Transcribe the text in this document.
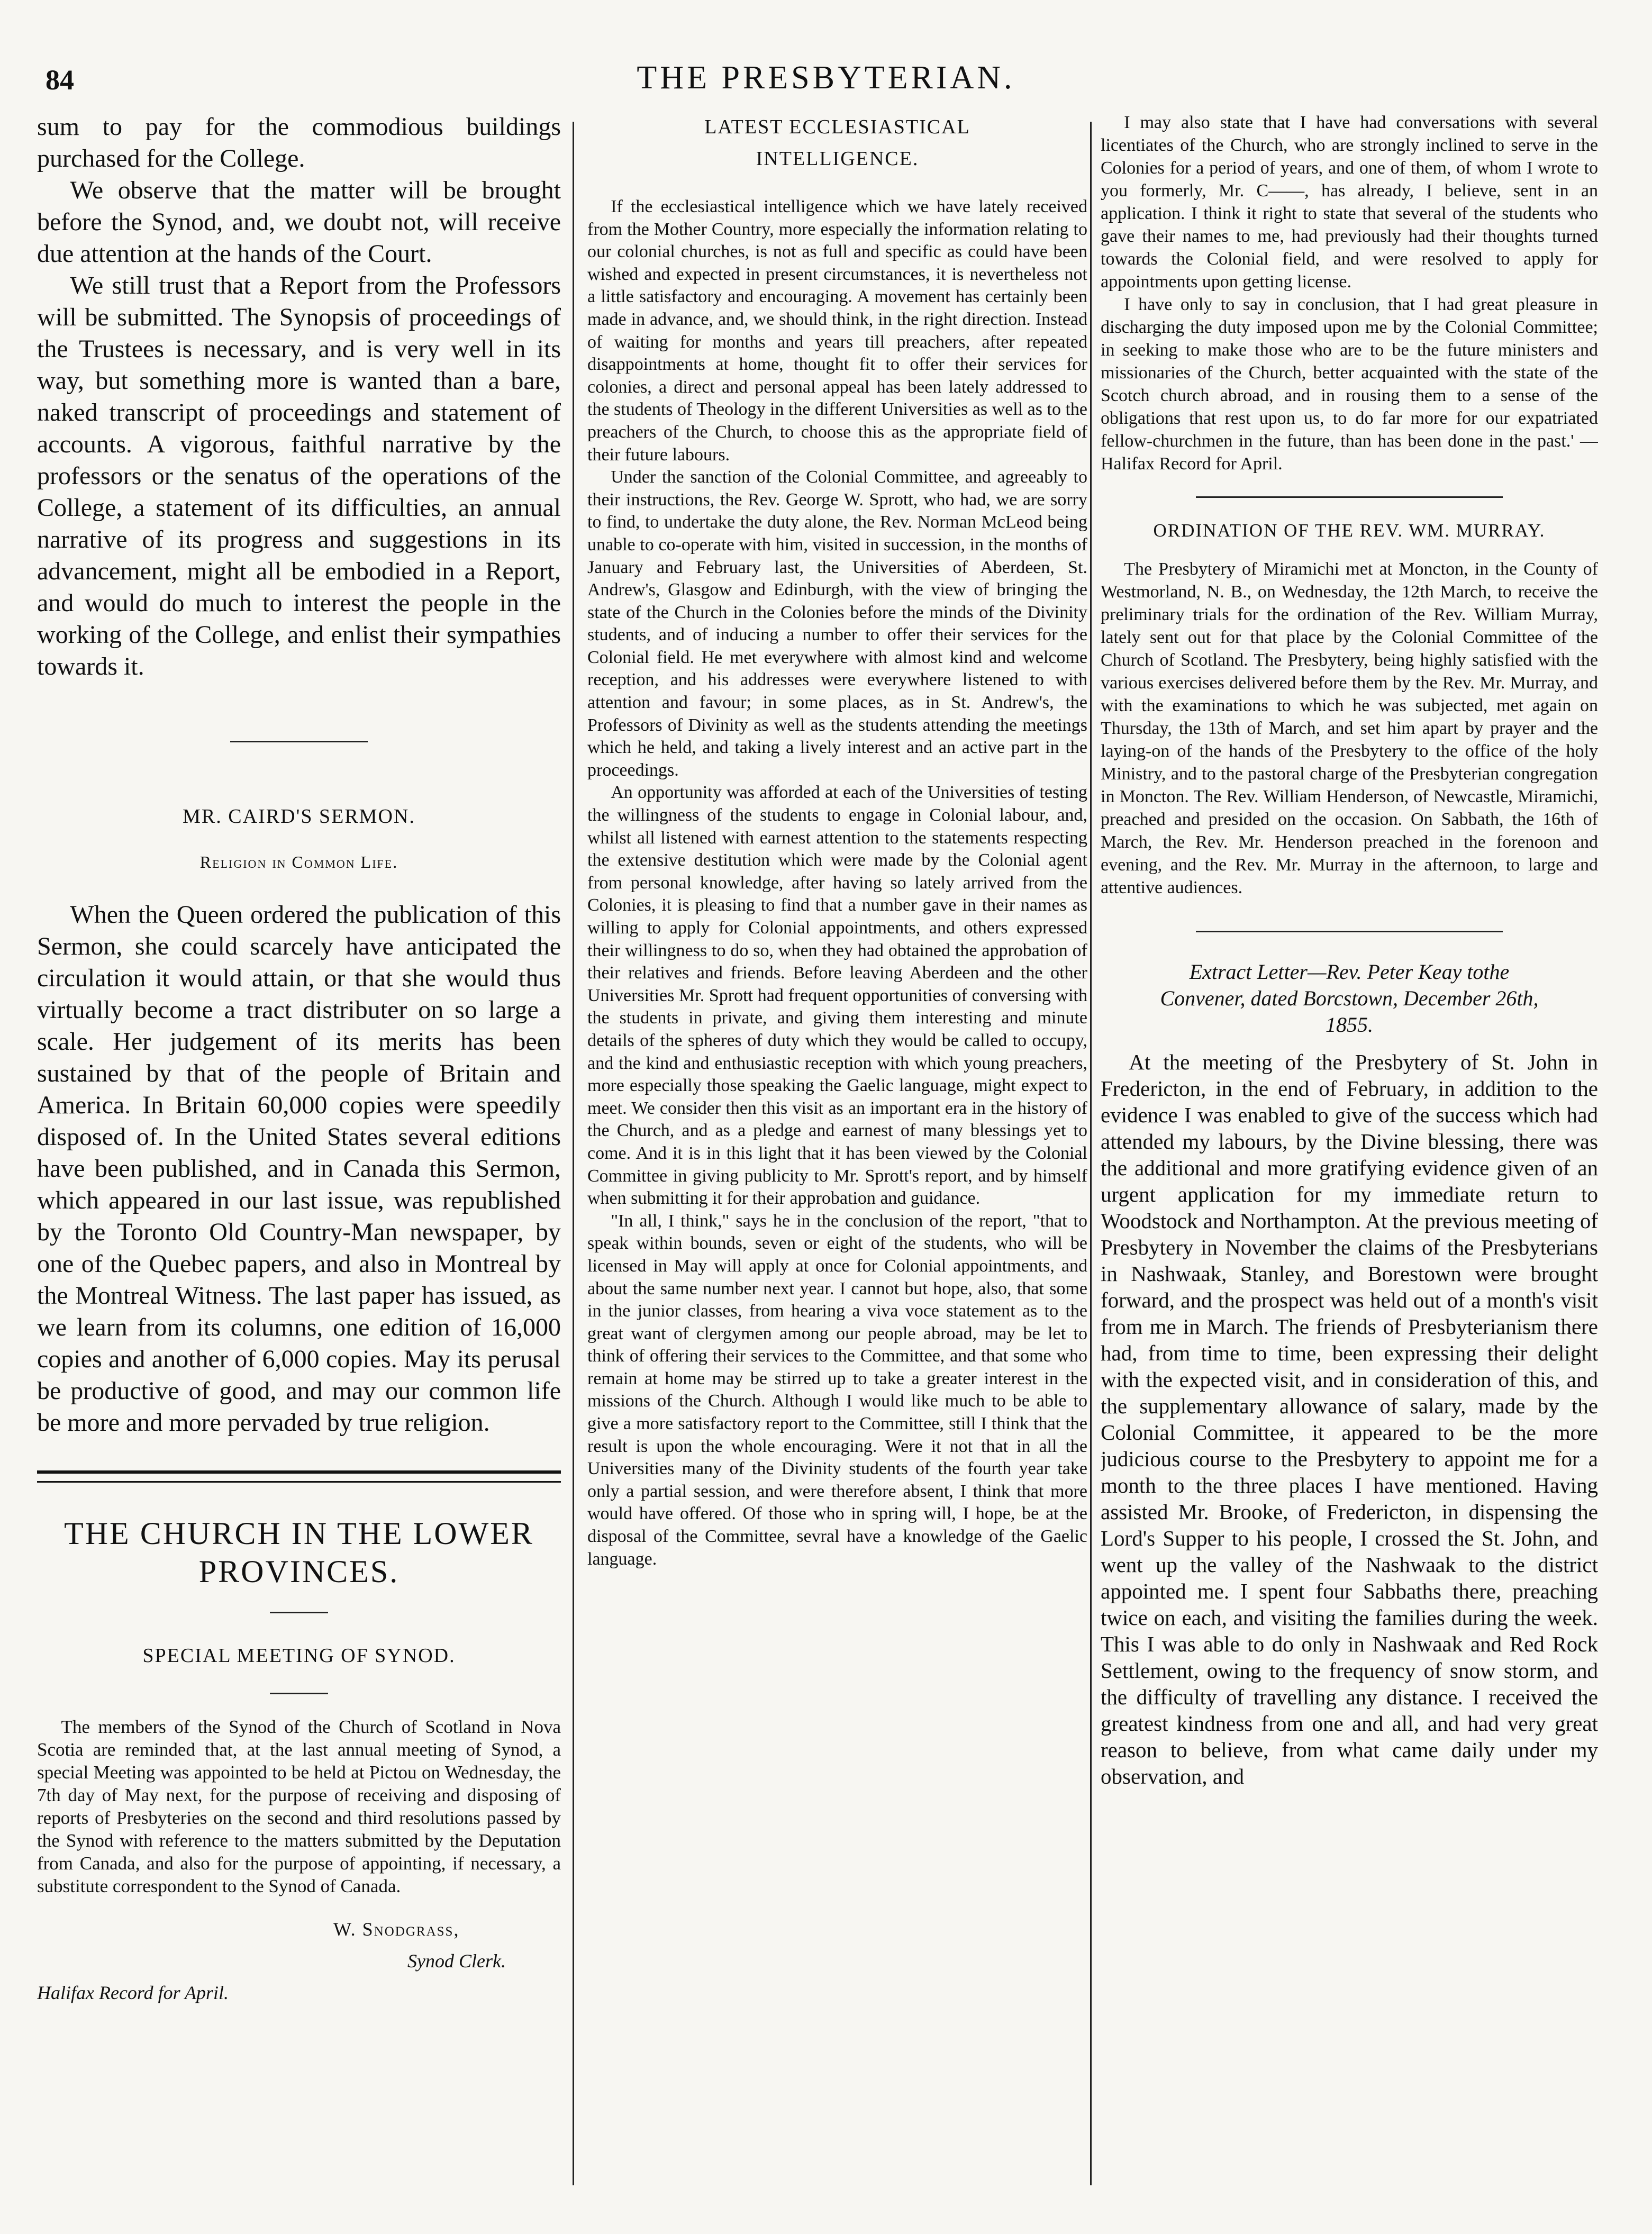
84	THE PRESBYTERIAN.

sum to pay for the commodious buildings purchased for the College.

We observe that the matter will be brought before the Synod, and, we doubt not, will receive due attention at the hands of the Court.

We still trust that a Report from the Professors will be submitted. The Synopsis of proceedings of the Trustees is necessary, and is very well in its way, but something more is wanted than a bare, naked transcript of proceedings and statement of accounts. A vigorous, faithful narrative by the professors or the senatus of the operations of the College, a statement of its difficulties, an annual narrative of its progress and suggestions in its advancement, might all be embodied in a Report, and would do much to interest the people in the working of the College, and enlist their sympathies towards it.

MR. CAIRD'S SERMON.
Religion in Common Life.

When the Queen ordered the publication of this Sermon, she could scarcely have anticipated the circulation it would attain, or that she would thus virtually become a tract distributer on so large a scale. Her judgement of its merits has been sustained by that of the people of Britain and America. In Britain 60,000 copies were speedily disposed of. In the United States several editions have been published, and in Canada this Sermon, which appeared in our last issue, was republished by the Toronto Old Country-Man newspaper, by one of the Quebec papers, and also in Montreal by the Montreal Witness. The last paper has issued, as we learn from its columns, one edition of 16,000 copies and another of 6,000 copies. May its perusal be productive of good, and may our common life be more and more pervaded by true religion.

THE CHURCH IN THE LOWER
PROVINCES.
SPECIAL MEETING OF SYNOD.

The members of the Synod of the Church of Scotland in Nova Scotia are reminded that, at the last annual meeting of Synod, a special Meeting was appointed to be held at Pictou on Wednesday, the 7th day of May next, for the purpose of receiving and disposing of reports of Presbyteries on the second and third resolutions passed by the Synod with reference to the matters submitted by the Deputation from Canada, and also for the purpose of appointing, if necessary, a substitute correspondent to the Synod of Canada.

W. Snodgrass,
Synod Clerk.
Halifax Record for April.
LATEST ECCLESIASTICAL
INTELLIGENCE.

If the ecclesiastical intelligence which we have lately received from the Mother Country, more especially the information relating to our colonial churches, is not as full and specific as could have been wished and expected in present circumstances, it is nevertheless not a little satisfactory and encouraging. A movement has certainly been made in advance, and, we should think, in the right direction. Instead of waiting for months and years till preachers, after repeated disappointments at home, thought fit to offer their services for colonies, a direct and personal appeal has been lately addressed to the students of Theology in the different Universities as well as to the preachers of the Church, to choose this as the appropriate field of their future labours.

Under the sanction of the Colonial Committee, and agreeably to their instructions, the Rev. George W. Sprott, who had, we are sorry to find, to undertake the duty alone, the Rev. Norman McLeod being unable to co-operate with him, visited in succession, in the months of January and February last, the Universities of Aberdeen, St. Andrew's, Glasgow and Edinburgh, with the view of bringing the state of the Church in the Colonies before the minds of the Divinity students, and of inducing a number to offer their services for the Colonial field. He met everywhere with almost kind and welcome reception, and his addresses were everywhere listened to with attention and favour; in some places, as in St. Andrew's, the Professors of Divinity as well as the students attending the meetings which he held, and taking a lively interest and an active part in the proceedings.

An opportunity was afforded at each of the Universities of testing the willingness of the students to engage in Colonial labour, and, whilst all listened with earnest attention to the statements respecting the extensive destitution which were made by the Colonial agent from personal knowledge, after having so lately arrived from the Colonies, it is pleasing to find that a number gave in their names as willing to apply for Colonial appointments, and others expressed their willingness to do so, when they had obtained the approbation of their relatives and friends. Before leaving Aberdeen and the other Universities Mr. Sprott had frequent opportunities of conversing with the students in private, and giving them interesting and minute details of the spheres of duty which they would be called to occupy, and the kind and enthusiastic reception with which young preachers, more especially those speaking the Gaelic language, might expect to meet. We consider then this visit as an important era in the history of the Church, and as a pledge and earnest of many blessings yet to come. And it is in this light that it has been viewed by the Colonial Committee in giving publicity to Mr. Sprott's report, and by himself when submitting it for their approbation and guidance.

"In all, I think," says he in the conclusion of the report, "that to speak within bounds, seven or eight of the students, who will be licensed in May will apply at once for Colonial appointments, and about the same number next year. I cannot but hope, also, that some in the junior classes, from hearing a viva voce statement as to the great want of clergymen among our people abroad, may be let to think of offering their services to the Committee, and that some who remain at home may be stirred up to take a greater interest in the missions of the Church. Although I would like much to be able to give a more satisfactory report to the Committee, still I think that the result is upon the whole encouraging. Were it not that in all the Universities many of the Divinity students of the fourth year take only a partial session, and were therefore absent, I think that more would have offered. Of those who in spring will, I hope, be at the disposal of the Committee, sevral have a knowledge of the Gaelic language.

I may also state that I have had conversations with several licentiates of the Church, who are strongly inclined to serve in the Colonies for a period of years, and one of them, of whom I wrote to you formerly, Mr. C——, has already, I believe, sent in an application. I think it right to state that several of the students who gave their names to me, had previously had their thoughts turned towards the Colonial field, and were resolved to apply for appointments upon getting license.

I have only to say in conclusion, that I had great pleasure in discharging the duty imposed upon me by the Colonial Committee; in seeking to make those who are to be the future ministers and missionaries of the Church, better acquainted with the state of the Scotch church abroad, and in rousing them to a sense of the obligations that rest upon us, to do far more for our expatriated fellow-churchmen in the future, than has been done in the past.' —Halifax Record for April.

ORDINATION OF THE REV. WM. MURRAY.

The Presbytery of Miramichi met at Moncton, in the County of Westmorland, N. B., on Wednesday, the 12th March, to receive the preliminary trials for the ordination of the Rev. William Murray, lately sent out for that place by the Colonial Committee of the Church of Scotland. The Presbytery, being highly satisfied with the various exercises delivered before them by the Rev. Mr. Murray, and with the examinations to which he was subjected, met again on Thursday, the 13th of March, and set him apart by prayer and the laying-on of the hands of the Presbytery to the office of the holy Ministry, and to the pastoral charge of the Presbyterian congregation in Moncton. The Rev. William Henderson, of Newcastle, Miramichi, preached and presided on the occasion. On Sabbath, the 16th of March, the Rev. Mr. Henderson preached in the forenoon and evening, and the Rev. Mr. Murray in the afternoon, to large and attentive audiences.

Extract Letter—Rev. Peter Keay tothe
Convener, dated Borcstown, December 26th,
1855.

At the meeting of the Presbytery of St. John in Fredericton, in the end of February, in addition to the evidence I was enabled to give of the success which had attended my labours, by the Divine blessing, there was the additional and more gratifying evidence given of an urgent application for my immediate return to Woodstock and Northampton. At the previous meeting of Presbytery in November the claims of the Presbyterians in Nashwaak, Stanley, and Borestown were brought forward, and the prospect was held out of a month's visit from me in March. The friends of Presbyterianism there had, from time to time, been expressing their delight with the expected visit, and in consideration of this, and the supplementary allowance of salary, made by the Colonial Committee, it appeared to be the more judicious course to the Presbytery to appoint me for a month to the three places I have mentioned. Having assisted Mr. Brooke, of Fredericton, in dispensing the Lord's Supper to his people, I crossed the St. John, and went up the valley of the Nashwaak to the district appointed me. I spent four Sabbaths there, preaching twice on each, and visiting the families during the week. This I was able to do only in Nashwaak and Red Rock Settlement, owing to the frequency of snow storm, and the difficulty of travelling any distance. I received the greatest kindness from one and all, and had very great reason to believe, from what came daily under my observation, and
